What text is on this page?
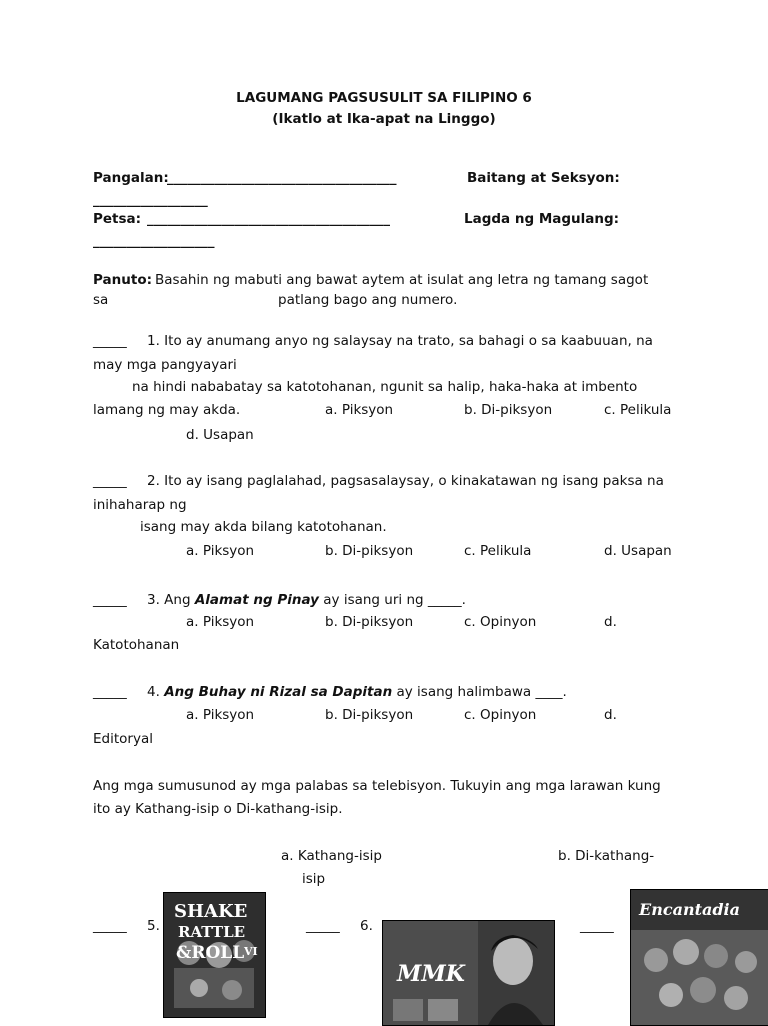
LAGUMANG PAGSUSULIT SA FILIPINO 6
(Ikatlo at Ika-apat na Linggo)
Pangalan:
__________________________________	Baitang at Seksyon:
_________________
Petsa: ____________________________________	Lagda ng Magulang:
__________________
Panuto: Basahin ng mabuti ang bawat aytem at isulat ang letra ng tamang sagot
sa	patlang bago ang numero.
_____ 1. Ito ay anumang anyo ng salaysay na trato, sa bahagi o sa kaabuuan, na
may mga pangyayari
na hindi nababatay sa katotohanan, ngunit sa halip, haka-haka at imbento
lamang ng may akda.	a. Piksyon	b. Di-piksyon	c. Pelikula
d. Usapan
_____ 2. Ito ay isang paglalahad, pagsasalaysay, o kinakatawan ng isang paksa na
inihaharap ng
isang may akda bilang katotohanan.
a. Piksyon	b. Di-piksyon	c. Pelikula	d. Usapan
_____ 3. Ang Alamat ng Pinay ay isang uri ng _____.
a. Piksyon	b. Di-piksyon	c. Opinyon	d.
Katotohanan
_____ 4. Ang Buhay ni Rizal sa Dapitan ay isang halimbawa ____.
a. Piksyon	b. Di-piksyon	c. Opinyon	d.
Editoryal
Ang mga sumusunod ay mga palabas sa telebisyon. Tukuyin ang mga larawan kung
ito ay Kathang-isip o Di-kathang-isip.
a. Kathang-isip	b. Di-kathang-
isip
_____ 5.	_____ 6.	_____
SHAKE
RATTLE
&ROLL VI
MMK
Encantadia
